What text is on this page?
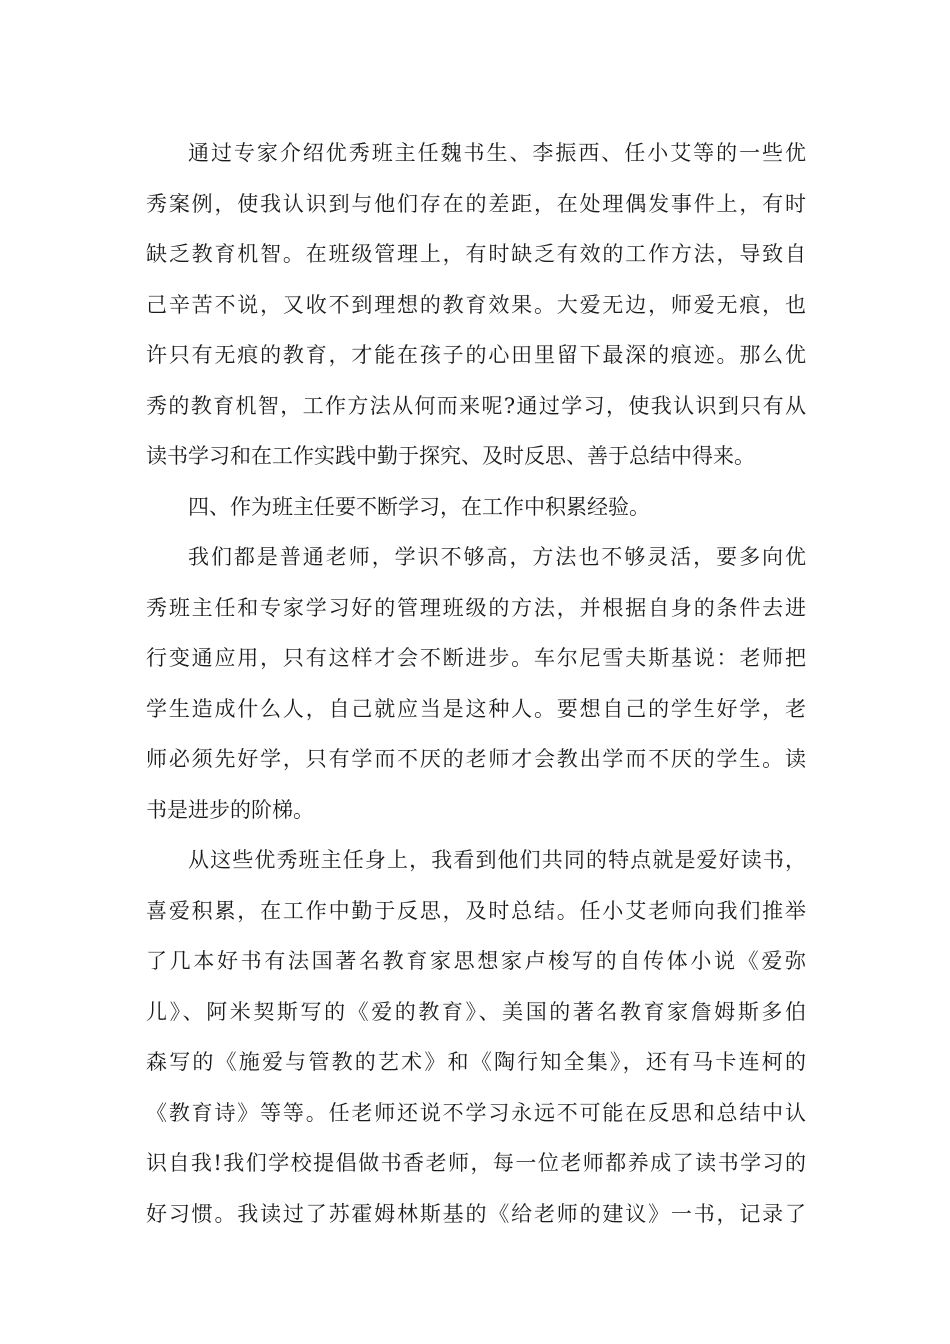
通过专家介绍优秀班主任魏书生、李振西、任小艾等的一些优
秀案例，使我认识到与他们存在的差距，在处理偶发事件上，有时
缺乏教育机智。在班级管理上，有时缺乏有效的工作方法，导致自
己辛苦不说，又收不到理想的教育效果。大爱无边，师爱无痕，也
许只有无痕的教育，才能在孩子的心田里留下最深的痕迹。那么优
秀的教育机智，工作方法从何而来呢?通过学习，使我认识到只有从
读书学习和在工作实践中勤于探究、及时反思、善于总结中得来。
四、作为班主任要不断学习，在工作中积累经验。
我们都是普通老师，学识不够高，方法也不够灵活，要多向优
秀班主任和专家学习好的管理班级的方法，并根据自身的条件去进
行变通应用，只有这样才会不断进步。车尔尼雪夫斯基说：老师把
学生造成什么人，自己就应当是这种人。要想自己的学生好学，老
师必须先好学，只有学而不厌的老师才会教出学而不厌的学生。读
书是进步的阶梯。
从这些优秀班主任身上，我看到他们共同的特点就是爱好读书，
喜爱积累，在工作中勤于反思，及时总结。任小艾老师向我们推举
了几本好书有法国著名教育家思想家卢梭写的自传体小说《爱弥
儿》、阿米契斯写的《爱的教育》、美国的著名教育家詹姆斯多伯
森写的《施爱与管教的艺术》和《陶行知全集》，还有马卡连柯的
《教育诗》等等。任老师还说不学习永远不可能在反思和总结中认
识自我!我们学校提倡做书香老师，每一位老师都养成了读书学习的
好习惯。我读过了苏霍姆林斯基的《给老师的建议》一书，记录了
